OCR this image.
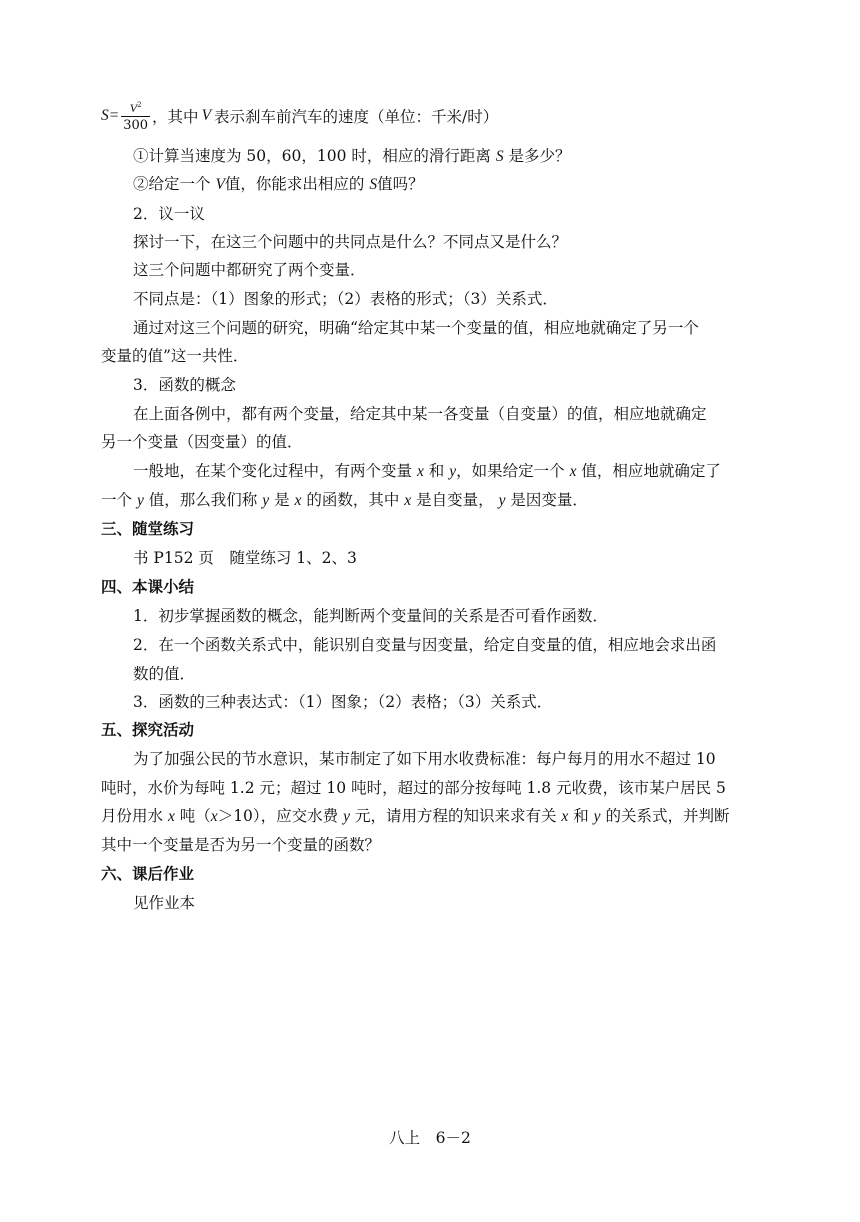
$S= \frac{V^2}{300}$ ，其中 V 表示刹车前汽车的速度（单位：千米/时）
①计算当速度为 50，60，100 时，相应的滑行距离 S 是多少？
②给定一个 V值，你能求出相应的 S值吗？
2．议一议
探讨一下，在这三个问题中的共同点是什么？不同点又是什么？
这三个问题中都研究了两个变量．
不同点是：（1）图象的形式；（2）表格的形式；（3）关系式．
通过对这三个问题的研究，明确“给定其中某一个变量的值，相应地就确定了另一个
变量的值”这一共性．
3．函数的概念
在上面各例中，都有两个变量，给定其中某一各变量（自变量）的值，相应地就确定
另一个变量（因变量）的值．
一般地，在某个变化过程中，有两个变量 x 和 y，如果给定一个 x 值，相应地就确定了
一个 y 值，那么我们称 y 是 x 的函数，其中 x 是自变量， y 是因变量．
三、随堂练习
书 P152 页　随堂练习 1、2、3
四、本课小结
1．初步掌握函数的概念，能判断两个变量间的关系是否可看作函数．
2．在一个函数关系式中，能识别自变量与因变量，给定自变量的值，相应地会求出函
数的值．
3．函数的三种表达式：（1）图象；（2）表格；（3）关系式．
五、探究活动
为了加强公民的节水意识，某市制定了如下用水收费标准：每户每月的用水不超过 10
吨时，水价为每吨 1.2 元；超过 10 吨时，超过的部分按每吨 1.8 元收费，该市某户居民 5
月份用水 x 吨（x＞10），应交水费 y 元，请用方程的知识来求有关 x 和 y 的关系式，并判断
其中一个变量是否为另一个变量的函数？
六、课后作业
见作业本
八上　6－2
